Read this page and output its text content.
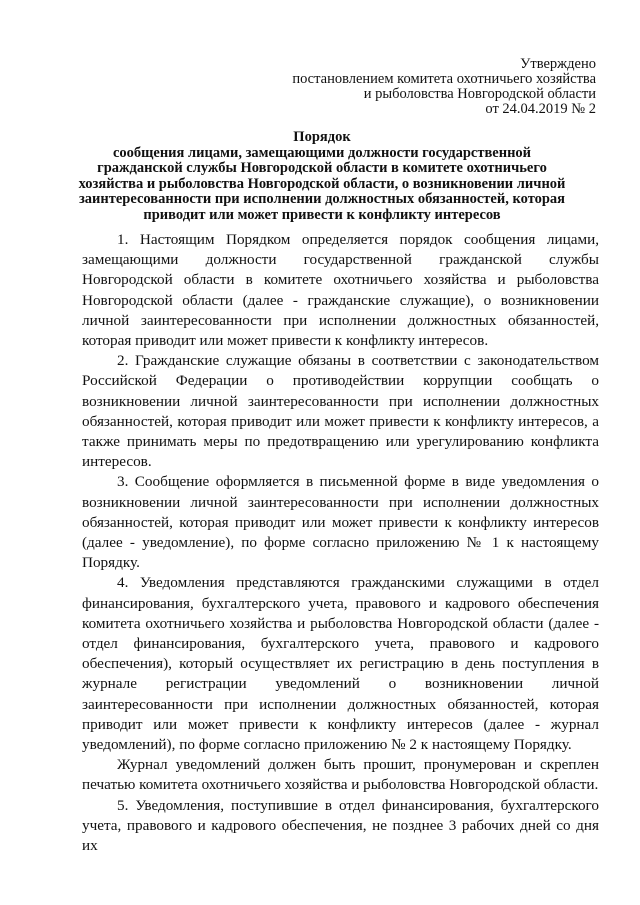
Утверждено
постановлением комитета охотничьего хозяйства
и рыболовства Новгородской области
от 24.04.2019 № 2
Порядок
сообщения лицами, замещающими должности государственной
гражданской службы Новгородской области в комитете охотничьего
хозяйства и рыболовства Новгородской области, о возникновении личной
заинтересованности при исполнении должностных обязанностей, которая
приводит или может привести к конфликту интересов

1. Настоящим Порядком определяется порядок сообщения лицами, замещающими должности государственной гражданской службы Новгородской области в комитете охотничьего хозяйства и рыболовства Новгородской области (далее - гражданские служащие), о возникновении личной заинтересованности при исполнении должностных обязанностей, которая приводит или может привести к конфликту интересов.

2. Гражданские служащие обязаны в соответствии с законодательством Российской Федерации о противодействии коррупции сообщать о возникновении личной заинтересованности при исполнении должностных обязанностей, которая приводит или может привести к конфликту интересов, а также принимать меры по предотвращению или урегулированию конфликта интересов.

3. Сообщение оформляется в письменной форме в виде уведомления о возникновении личной заинтересованности при исполнении должностных обязанностей, которая приводит или может привести к конфликту интересов (далее - уведомление), по форме согласно приложению № 1 к настоящему Порядку.

4. Уведомления представляются гражданскими служащими в отдел финансирования, бухгалтерского учета, правового и кадрового обеспечения комитета охотничьего хозяйства и рыболовства Новгородской области (далее - отдел финансирования, бухгалтерского учета, правового и кадрового обеспечения), который осуществляет их регистрацию в день поступления в журнале регистрации уведомлений о возникновении личной заинтересованности при исполнении должностных обязанностей, которая приводит или может привести к конфликту интересов (далее - журнал уведомлений), по форме согласно приложению № 2 к настоящему Порядку.

Журнал уведомлений должен быть прошит, пронумерован и скреплен печатью комитета охотничьего хозяйства и рыболовства Новгородской области.

5. Уведомления, поступившие в отдел финансирования, бухгалтерского учета, правового и кадрового обеспечения, не позднее 3 рабочих дней со дня их
